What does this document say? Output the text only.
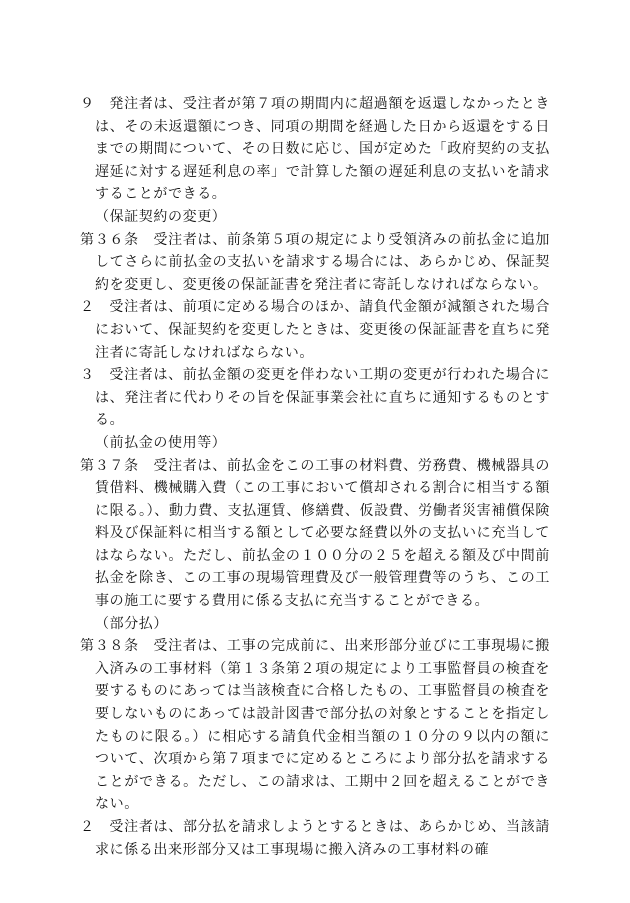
９　発注者は、受注者が第７項の期間内に超過額を返還しなかったときは、その未返還額につき、同項の期間を経過した日から返還をする日までの期間について、その日数に応じ、国が定めた「政府契約の支払遅延に対する遅延利息の率」で計算した額の遅延利息の支払いを請求することができる。

（保証契約の変更）

第３６条　受注者は、前条第５項の規定により受領済みの前払金に追加してさらに前払金の支払いを請求する場合には、あらかじめ、保証契約を変更し、変更後の保証証書を発注者に寄託しなければならない。

２　受注者は、前項に定める場合のほか、請負代金額が減額された場合において、保証契約を変更したときは、変更後の保証証書を直ちに発注者に寄託しなければならない。

３　受注者は、前払金額の変更を伴わない工期の変更が行われた場合には、発注者に代わりその旨を保証事業会社に直ちに通知するものとする。

（前払金の使用等）

第３７条　受注者は、前払金をこの工事の材料費、労務費、機械器具の賃借料、機械購入費（この工事において償却される割合に相当する額に限る。）、動力費、支払運賃、修繕費、仮設費、労働者災害補償保険料及び保証料に相当する額として必要な経費以外の支払いに充当してはならない。ただし、前払金の１００分の２５を超える額及び中間前払金を除き、この工事の現場管理費及び一般管理費等のうち、この工事の施工に要する費用に係る支払に充当することができる。

（部分払）

第３８条　受注者は、工事の完成前に、出来形部分並びに工事現場に搬入済みの工事材料（第１３条第２項の規定により工事監督員の検査を要するものにあっては当該検査に合格したもの、工事監督員の検査を要しないものにあっては設計図書で部分払の対象とすることを指定したものに限る。）に相応する請負代金相当額の１０分の９以内の額について、次項から第７項までに定めるところにより部分払を請求することができる。ただし、この請求は、工期中２回を超えることができない。

２　受注者は、部分払を請求しようとするときは、あらかじめ、当該請求に係る出来形部分又は工事現場に搬入済みの工事材料の確
